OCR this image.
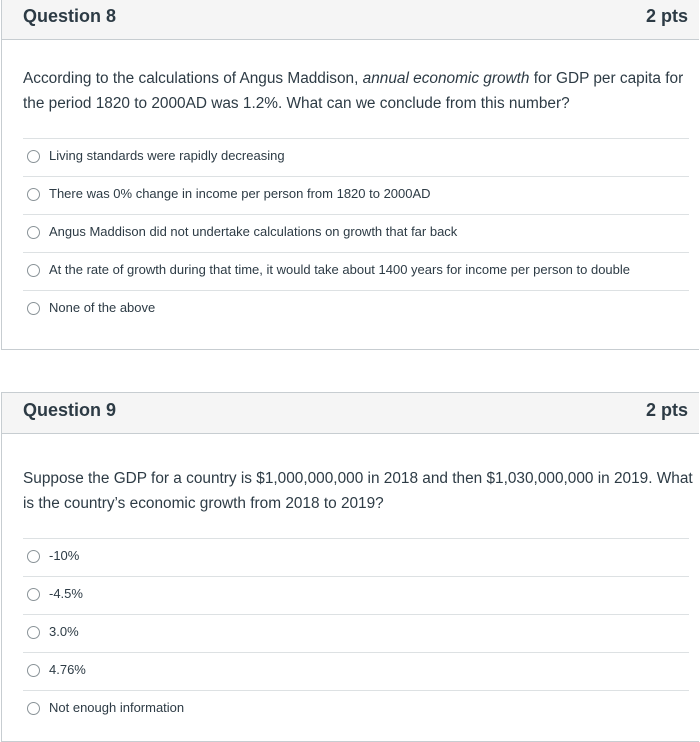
Question 8	2 pts
According to the calculations of Angus Maddison, annual economic growth for GDP per capita for the period 1820 to 2000AD was 1.2%. What can we conclude from this number?
Living standards were rapidly decreasing
There was 0% change in income per person from 1820 to 2000AD
Angus Maddison did not undertake calculations on growth that far back
At the rate of growth during that time, it would take about 1400 years for income per person to double
None of the above
Question 9	2 pts
Suppose the GDP for a country is $1,000,000,000 in 2018 and then $1,030,000,000 in 2019. What is the country’s economic growth from 2018 to 2019?
-10%
-4.5%
3.0%
4.76%
Not enough information
